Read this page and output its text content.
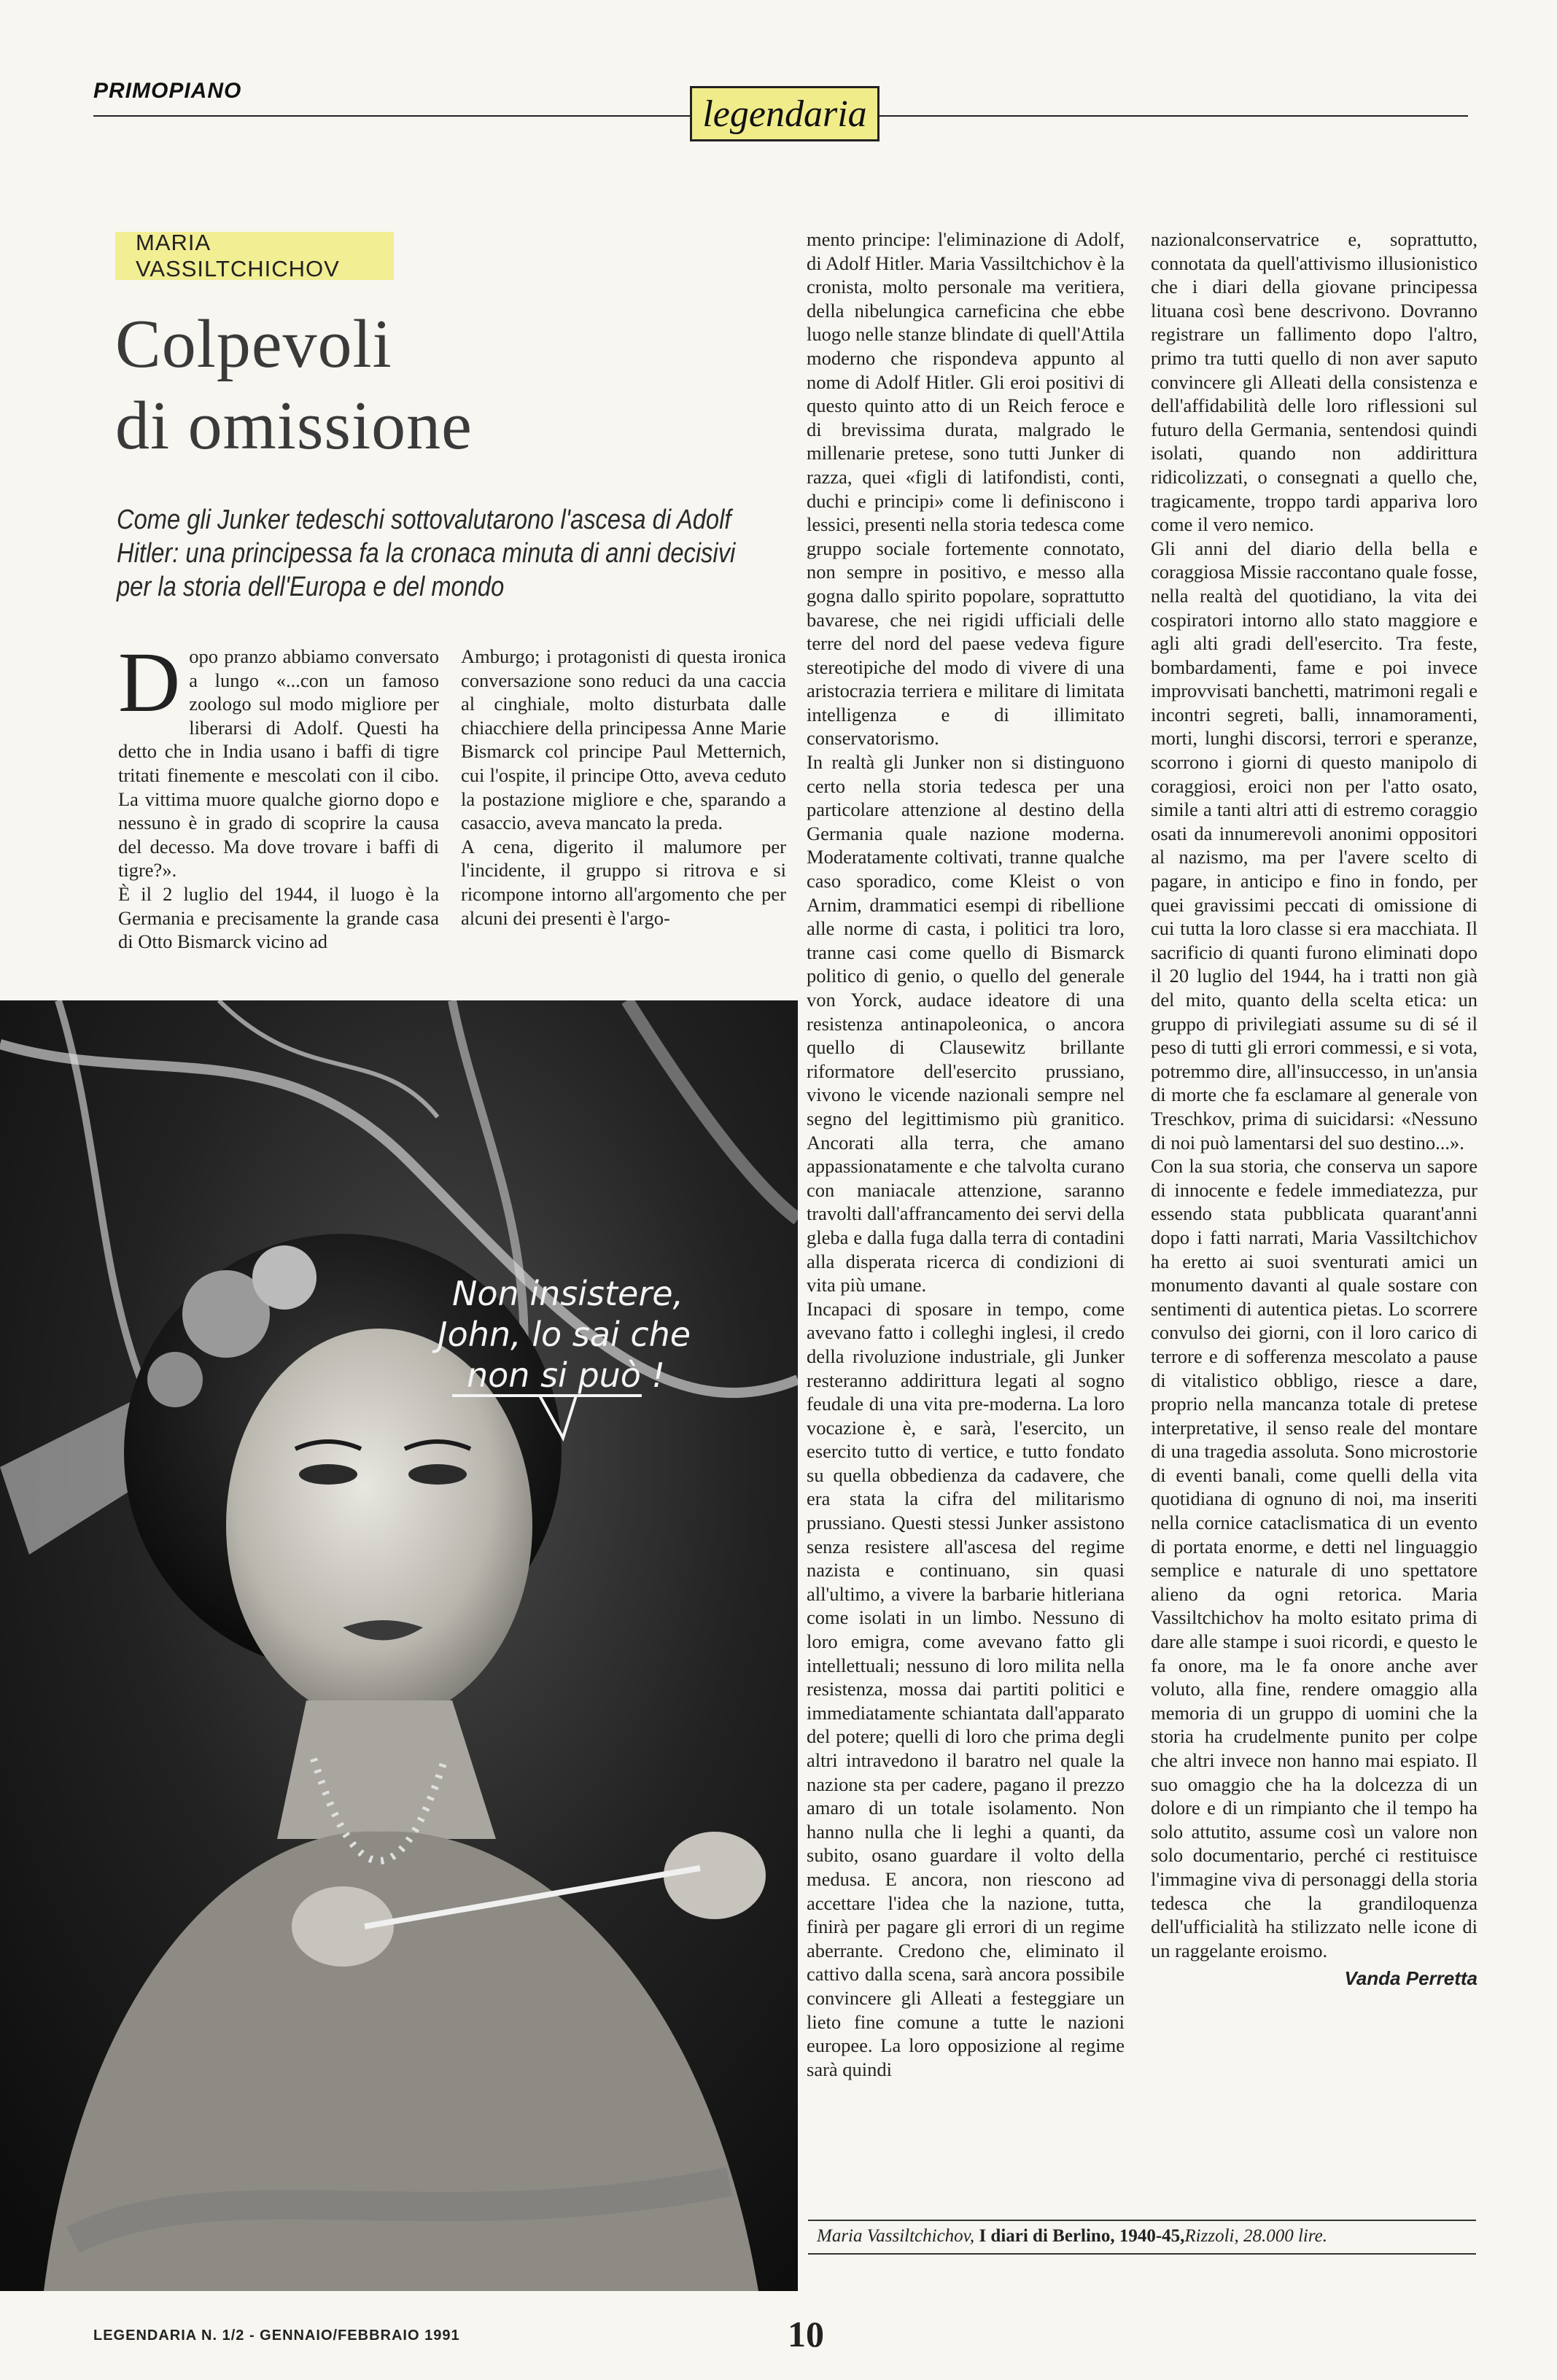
PRIMOPIANO
legendaria
MARIA VASSILTCHICHOV
Colpevoli
di omissione

Come gli Junker tedeschi sottovalutarono l'ascesa di Adolf Hitler: una principessa fa la cronaca minuta di anni decisivi per la storia dell'Europa e del mondo

Dopo pranzo abbiamo conversato a lungo «...con un famoso zoologo sul modo migliore per liberarsi di Adolf. Questi ha detto che in India usano i baffi di tigre tritati finemente e mescolati con il cibo. La vittima muore qualche giorno dopo e nessuno è in grado di scoprire la causa del decesso. Ma dove trovare i baffi di tigre?».

È il 2 luglio del 1944, il luogo è la Germania e precisamente la grande casa di Otto Bismarck vicino ad

Amburgo; i protagonisti di questa ironica conversazione sono reduci da una caccia al cinghiale, molto disturbata dalle chiacchiere della principessa Anne Marie Bismarck col principe Paul Metternich, cui l'ospite, il principe Otto, aveva ceduto la postazione migliore e che, sparando a casaccio, aveva mancato la preda.

A cena, digerito il malumore per l'incidente, il gruppo si ritrova e si ricompone intorno all'argomento che per alcuni dei presenti è l'argo-

Non insistere,
John, lo sai che
non si può !

mento principe: l'eliminazione di Adolf, di Adolf Hitler. Maria Vassiltchichov è la cronista, molto personale ma veritiera, della nibelungica carneficina che ebbe luogo nelle stanze blindate di quell'Attila moderno che rispondeva appunto al nome di Adolf Hitler. Gli eroi positivi di questo quinto atto di un Reich feroce e di brevissima durata, malgrado le millenarie pretese, sono tutti Junker di razza, quei «figli di latifondisti, conti, duchi e principi» come li definiscono i lessici, presenti nella storia tedesca come gruppo sociale fortemente connotato, non sempre in positivo, e messo alla gogna dallo spirito popolare, soprattutto bavarese, che nei rigidi ufficiali delle terre del nord del paese vedeva figure stereotipiche del modo di vivere di una aristocrazia terriera e militare di limitata intelligenza e di illimitato conservatorismo.

In realtà gli Junker non si distinguono certo nella storia tedesca per una particolare attenzione al destino della Germania quale nazione moderna. Moderatamente coltivati, tranne qualche caso sporadico, come Kleist o von Arnim, drammatici esempi di ribellione alle norme di casta, i politici tra loro, tranne casi come quello di Bismarck politico di genio, o quello del generale von Yorck, audace ideatore di una resistenza antinapoleonica, o ancora quello di Clausewitz brillante riformatore dell'esercito prussiano, vivono le vicende nazionali sempre nel segno del legittimismo più granitico. Ancorati alla terra, che amano appassionatamente e che talvolta curano con maniacale attenzione, saranno travolti dall'affrancamento dei servi della gleba e dalla fuga dalla terra di contadini alla disperata ricerca di condizioni di vita più umane.

Incapaci di sposare in tempo, come avevano fatto i colleghi inglesi, il credo della rivoluzione industriale, gli Junker resteranno addirittura legati al sogno feudale di una vita pre-moderna. La loro vocazione è, e sarà, l'esercito, un esercito tutto di vertice, e tutto fondato su quella obbedienza da cadavere, che era stata la cifra del militarismo prussiano. Questi stessi Junker assistono senza resistere all'ascesa del regime nazista e continuano, sin quasi all'ultimo, a vivere la barbarie hitleriana come isolati in un limbo. Nessuno di loro emigra, come avevano fatto gli intellettuali; nessuno di loro milita nella resistenza, mossa dai partiti politici e immediatamente schiantata dall'apparato del potere; quelli di loro che prima degli altri intravedono il baratro nel quale la nazione sta per cadere, pagano il prezzo amaro di un totale isolamento. Non hanno nulla che li leghi a quanti, da subito, osano guardare il volto della medusa. E ancora, non riescono ad accettare l'idea che la nazione, tutta, finirà per pagare gli errori di un regime aberrante. Credono che, eliminato il cattivo dalla scena, sarà ancora possibile convincere gli Alleati a festeggiare un lieto fine comune a tutte le nazioni europee. La loro opposizione al regime sarà quindi

nazionalconservatrice e, soprattutto, connotata da quell'attivismo illusionistico che i diari della giovane principessa lituana così bene descrivono. Dovranno registrare un fallimento dopo l'altro, primo tra tutti quello di non aver saputo convincere gli Alleati della consistenza e dell'affidabilità delle loro riflessioni sul futuro della Germania, sentendosi quindi isolati, quando non addirittura ridicolizzati, o consegnati a quello che, tragicamente, troppo tardi appariva loro come il vero nemico.

Gli anni del diario della bella e coraggiosa Missie raccontano quale fosse, nella realtà del quotidiano, la vita dei cospiratori intorno allo stato maggiore e agli alti gradi dell'esercito. Tra feste, bombardamenti, fame e poi invece improvvisati banchetti, matrimoni regali e incontri segreti, balli, innamoramenti, morti, lunghi discorsi, terrori e speranze, scorrono i giorni di questo manipolo di coraggiosi, eroici non per l'atto osato, simile a tanti altri atti di estremo coraggio osati da innumerevoli anonimi oppositori al nazismo, ma per l'avere scelto di pagare, in anticipo e fino in fondo, per quei gravissimi peccati di omissione di cui tutta la loro classe si era macchiata. Il sacrificio di quanti furono eliminati dopo il 20 luglio del 1944, ha i tratti non già del mito, quanto della scelta etica: un gruppo di privilegiati assume su di sé il peso di tutti gli errori commessi, e si vota, potremmo dire, all'insuccesso, in un'ansia di morte che fa esclamare al generale von Treschkov, prima di suicidarsi: «Nessuno di noi può lamentarsi del suo destino...».

Con la sua storia, che conserva un sapore di innocente e fedele immediatezza, pur essendo stata pubblicata quarant'anni dopo i fatti narrati, Maria Vassiltchichov ha eretto ai suoi sventurati amici un monumento davanti al quale sostare con sentimenti di autentica pietas. Lo scorrere convulso dei giorni, con il loro carico di terrore e di sofferenza mescolato a pause di vitalistico obbligo, riesce a dare, proprio nella mancanza totale di pretese interpretative, il senso reale del montare di una tragedia assoluta. Sono microstorie di eventi banali, come quelli della vita quotidiana di ognuno di noi, ma inseriti nella cornice cataclismatica di un evento di portata enorme, e detti nel linguaggio semplice e naturale di uno spettatore alieno da ogni retorica. Maria Vassiltchichov ha molto esitato prima di dare alle stampe i suoi ricordi, e questo le fa onore, ma le fa onore anche aver voluto, alla fine, rendere omaggio alla memoria di un gruppo di uomini che la storia ha crudelmente punito per colpe che altri invece non hanno mai espiato. Il suo omaggio che ha la dolcezza di un dolore e di un rimpianto che il tempo ha solo attutito, assume così un valore non solo documentario, perché ci restituisce l'immagine viva di personaggi della storia tedesca che la grandiloquenza dell'ufficialità ha stilizzato nelle icone di un raggelante eroismo.

Vanda Perretta

Maria Vassiltchichov, I diari di Berlino, 1940-45,Rizzoli, 28.000 lire.
LEGENDARIA N. 1/2 - GENNAIO/FEBBRAIO 1991	10
